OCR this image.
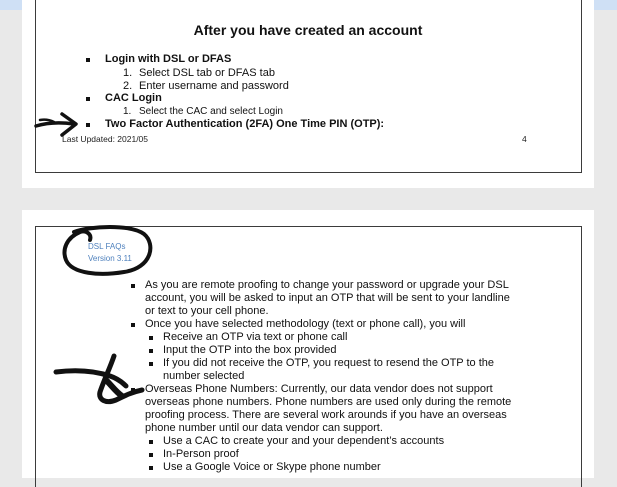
After you have created an account
Login with DSL or DFAS
1. Select DSL tab or DFAS tab
2. Enter username and password
CAC Login
1. Select the CAC and select Login
Two Factor Authentication (2FA) One Time PIN (OTP):
Last Updated: 2021/05	4
DSL FAQs
Version 3.11
As you are remote proofing to change your password or upgrade your DSL
account, you will be asked to input an OTP that will be sent to your landline
or text to your cell phone.
Once you have selected methodology (text or phone call), you will
Receive an OTP via text or phone call
Input the OTP into the box provided
If you did not receive the OTP, you request to resend the OTP to the
number selected
Overseas Phone Numbers: Currently, our data vendor does not support
overseas phone numbers. Phone numbers are used only during the remote
proofing process. There are several work arounds if you have an overseas
phone number until our data vendor can support.
Use a CAC to create your and your dependent’s accounts
In-Person proof
Use a Google Voice or Skype phone number
